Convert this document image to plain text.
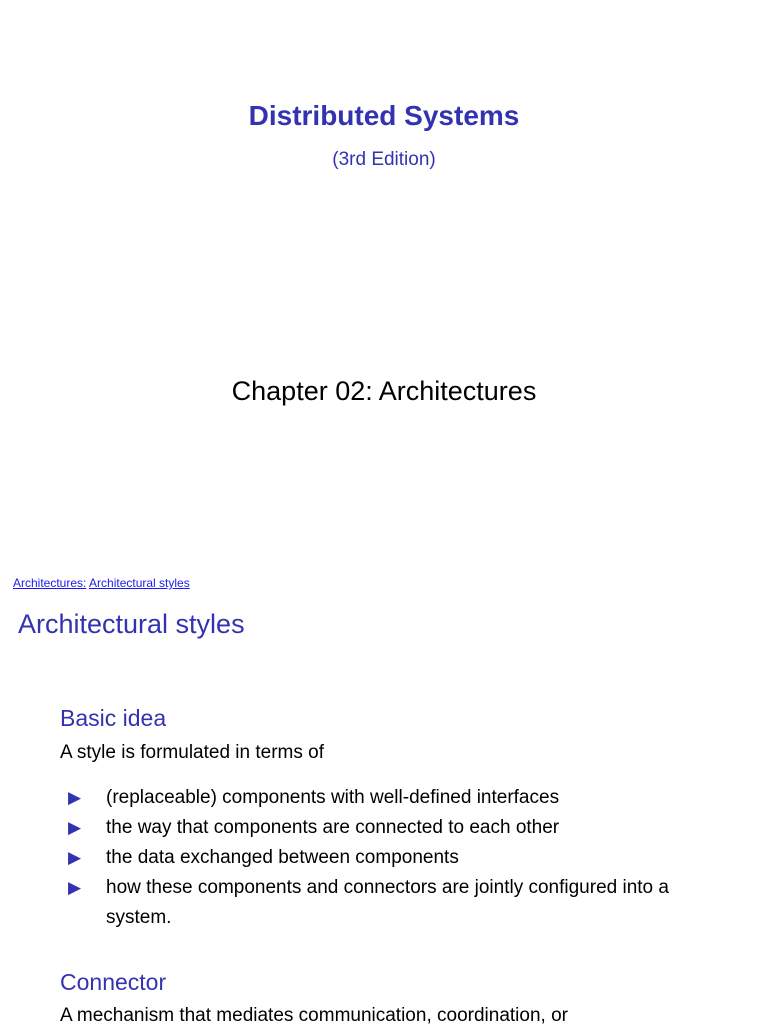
Distributed Systems
(3rd Edition)
Chapter 02: Architectures
Architectures: Architectural styles
Architectural styles
Basic idea
A style is formulated in terms of
▶ (replaceable) components with well-defined interfaces
▶ the way that components are connected to each other
▶ the data exchanged between components
▶ how these components and connectors are jointly configured into a system.
Connector
A mechanism that mediates communication, coordination, or
